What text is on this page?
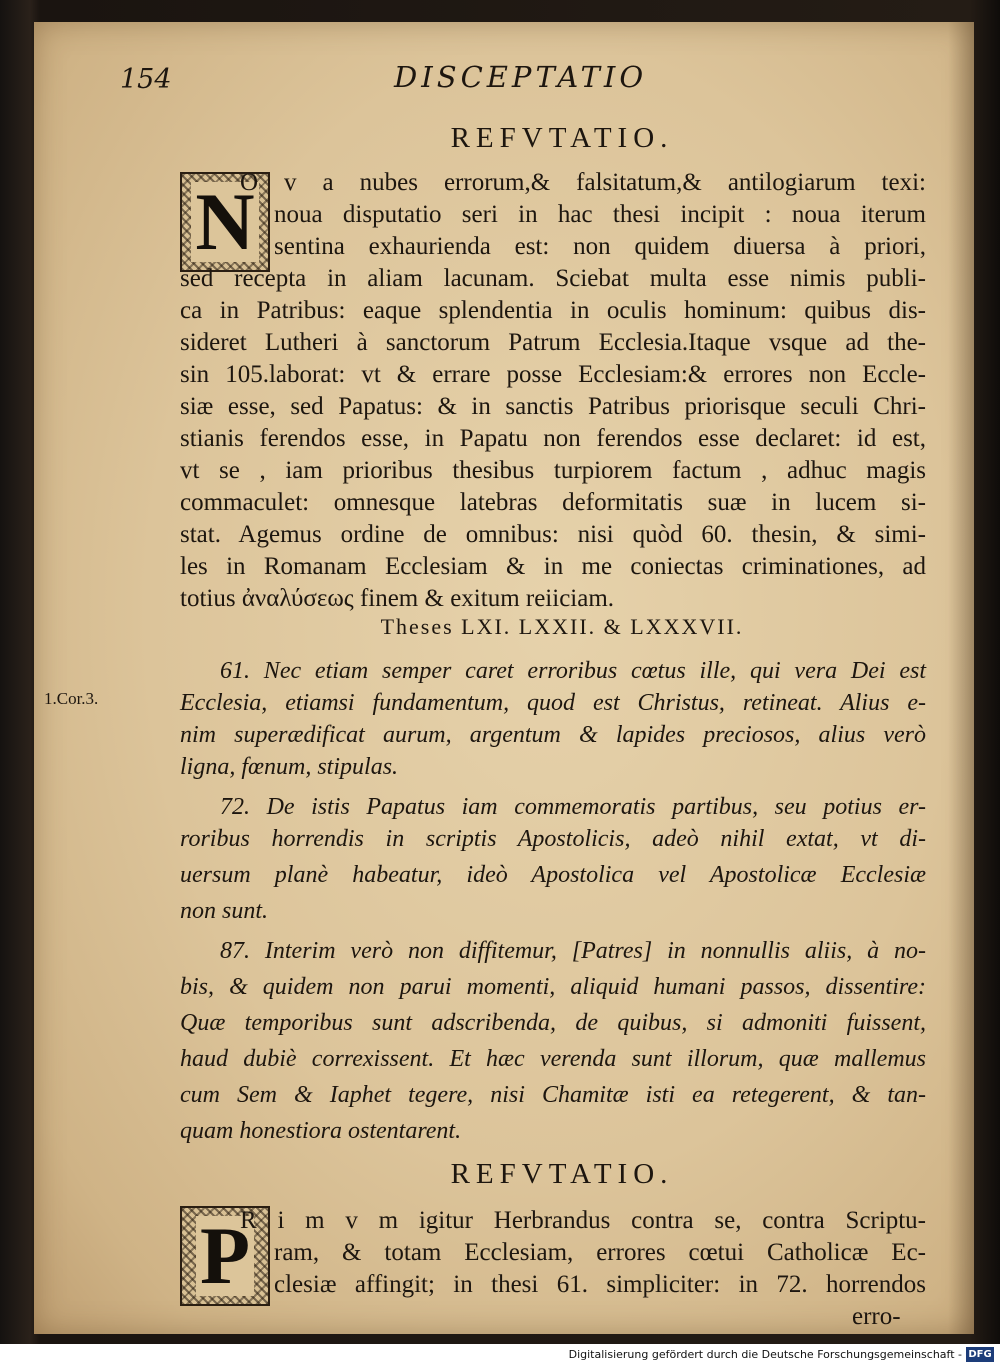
154	DISCEPTATIO

REFVTATIO.

N

O v a nubes errorum,& falsitatum,& antilogiarum texi:

noua disputatio seri in hac thesi incipit : noua iterum

sentina exhaurienda est: non quidem diuersa à priori,

sed recepta in aliam lacunam. Sciebat multa esse nimis publi-

ca in Patribus: eaque splendentia in oculis hominum: quibus dis-

sideret Lutheri à sanctorum Patrum Ecclesia.Itaque vsque ad the-

sin 105.laborat: vt & errare posse Ecclesiam:& errores non Eccle-

siæ esse, sed Papatus: & in sanctis Patribus priorisque seculi Chri-

stianis ferendos esse, in Papatu non ferendos esse declaret: id est,

vt se , iam prioribus thesibus turpiorem factum , adhuc magis

commaculet: omnesque latebras deformitatis suæ in lucem si-

stat. Agemus ordine de omnibus: nisi quòd 60. thesin, & simi-

les in Romanam Ecclesiam & in me coniectas criminationes, ad

totius ἀναλύσεως finem & exitum reiiciam.

Theses LXI. LXXII. & LXXXVII.

1.Cor.3.

61. Nec etiam semper caret erroribus cœtus ille, qui vera Dei est

Ecclesia, etiamsi fundamentum, quod est Christus, retineat. Alius e-

nim superædificat aurum, argentum & lapides preciosos, alius verò

ligna, fœnum, stipulas.

72. De istis Papatus iam commemoratis partibus, seu potius er-

roribus horrendis in scriptis Apostolicis, adeò nihil extat, vt di-

uersum planè habeatur, ideò Apostolica vel Apostolicæ Ecclesiæ

non sunt.

87. Interim verò non diffitemur, [Patres] in nonnullis aliis, à no-

bis, & quidem non parui momenti, aliquid humani passos, dissentire:

Quæ temporibus sunt adscribenda, de quibus, si admoniti fuissent,

haud dubiè correxissent. Et hæc verenda sunt illorum, quæ mallemus

cum Sem & Iaphet tegere, nisi Chamitæ isti ea retegerent, & tan-

quam honestiora ostentarent.

REFVTATIO.

P

R i m v m igitur Herbrandus contra se, contra Scriptu-

ram, & totam Ecclesiam, errores cœtui Catholicæ Ec-

clesiæ affingit; in thesi 61. simpliciter: in 72. horrendos

erro-

Digitalisierung gefördert durch die Deutsche Forschungsgemeinschaft - DFG
